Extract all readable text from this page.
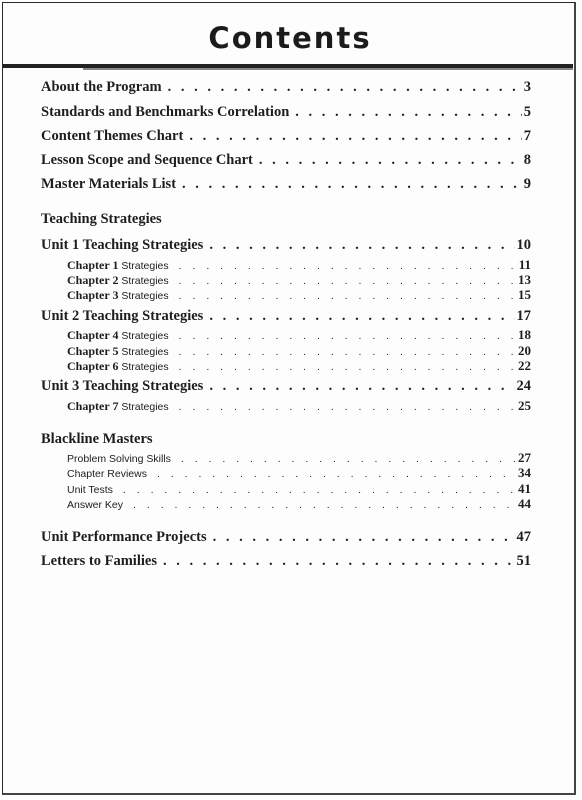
Contents
About the Program . . .	3
Standards and Benchmarks Correlation . . .	5
Content Themes Chart . . .	7
Lesson Scope and Sequence Chart . . .	8
Master Materials List . . .	9
Teaching Strategies
Unit 1 Teaching Strategies . . .	10
Chapter 1 Strategies . . .	11
Chapter 2 Strategies . . .	13
Chapter 3 Strategies . . .	15
Unit 2 Teaching Strategies . . .	17
Chapter 4 Strategies . . .	18
Chapter 5 Strategies . . .	20
Chapter 6 Strategies . . .	22
Unit 3 Teaching Strategies . . .	24
Chapter 7 Strategies . . .	25
Blackline Masters
Problem Solving Skills . . .	27
Chapter Reviews . . .	34
Unit Tests . . .	41
Answer Key . . .	44
Unit Performance Projects . . .	47
Letters to Families . . .	51
